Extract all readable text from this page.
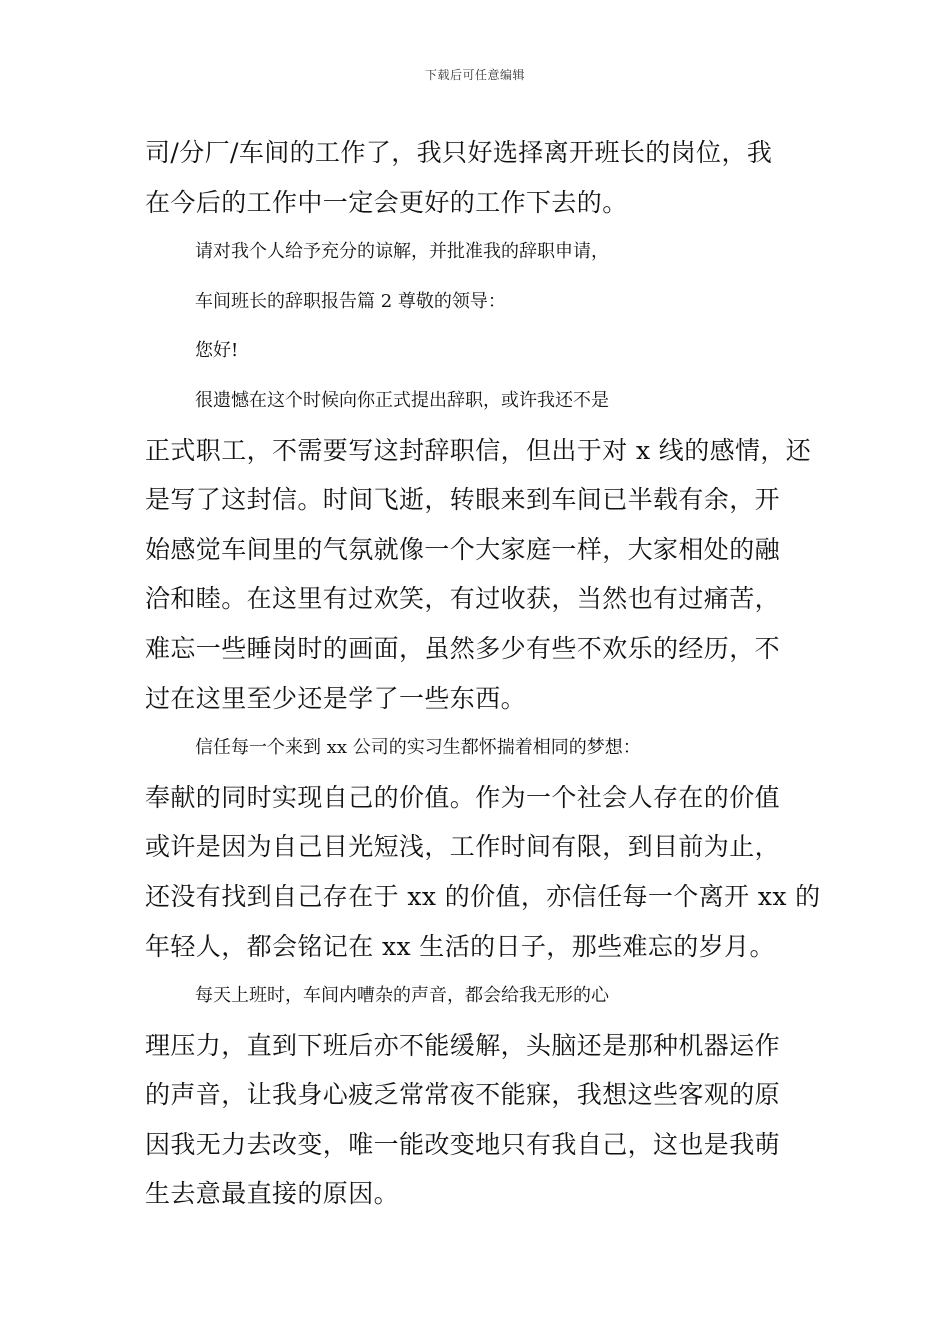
下载后可任意编辑
司/分厂/车间的工作了，我只好选择离开班长的岗位，我
在今后的工作中一定会更好的工作下去的。
请对我个人给予充分的谅解，并批准我的辞职申请，
车间班长的辞职报告篇 2 尊敬的领导：
您好!
很遗憾在这个时候向你正式提出辞职，或许我还不是
正式职工，不需要写这封辞职信，但出于对 x 线的感情，还
是写了这封信。时间飞逝，转眼来到车间已半载有余，开
始感觉车间里的气氛就像一个大家庭一样，大家相处的融
洽和睦。在这里有过欢笑，有过收获，当然也有过痛苦，
难忘一些睡岗时的画面，虽然多少有些不欢乐的经历，不
过在这里至少还是学了一些东西。
信任每一个来到 xx 公司的实习生都怀揣着相同的梦想：
奉献的同时实现自己的价值。作为一个社会人存在的价值
或许是因为自己目光短浅，工作时间有限，到目前为止，
还没有找到自己存在于 xx 的价值，亦信任每一个离开 xx 的
年轻人，都会铭记在 xx 生活的日子，那些难忘的岁月。
每天上班时，车间内嘈杂的声音，都会给我无形的心
理压力，直到下班后亦不能缓解，头脑还是那种机器运作
的声音，让我身心疲乏常常夜不能寐，我想这些客观的原
因我无力去改变，唯一能改变地只有我自己，这也是我萌
生去意最直接的原因。
